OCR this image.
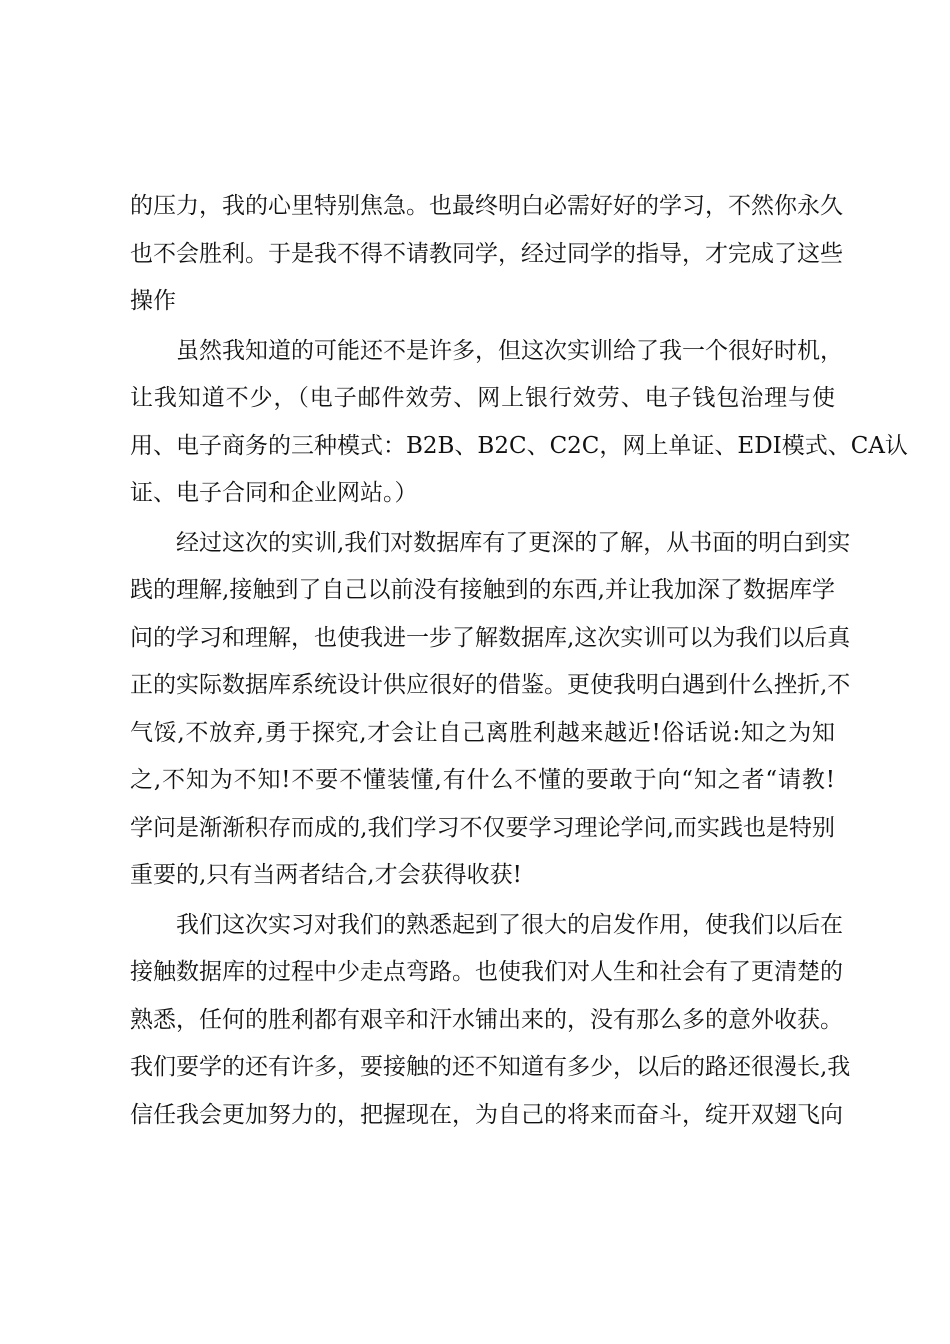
的压力，我的心里特别焦急。也最终明白必需好好的学习，不然你永久
也不会胜利。于是我不得不请教同学，经过同学的指导，才完成了这些
操作
虽然我知道的可能还不是许多，但这次实训给了我一个很好时机，
让我知道不少，（电子邮件效劳、网上银行效劳、电子钱包治理与使
用、电子商务的三种模式：B2B、B2C、C2C，网上单证、EDI模式、CA认
证、电子合同和企业网站。）
经过这次的实训,我们对数据库有了更深的了解，从书面的明白到实
践的理解,接触到了自己以前没有接触到的东西,并让我加深了数据库学
问的学习和理解，也使我进一步了解数据库,这次实训可以为我们以后真
正的实际数据库系统设计供应很好的借鉴。更使我明白遇到什么挫折,不
气馁,不放弃,勇于探究,才会让自己离胜利越来越近!俗话说:知之为知
之,不知为不知!不要不懂装懂,有什么不懂的要敢于向“知之者“请教!
学问是渐渐积存而成的,我们学习不仅要学习理论学问,而实践也是特别
重要的,只有当两者结合,才会获得收获!
我们这次实习对我们的熟悉起到了很大的启发作用，使我们以后在
接触数据库的过程中少走点弯路。也使我们对人生和社会有了更清楚的
熟悉，任何的胜利都有艰辛和汗水铺出来的，没有那么多的意外收获。
我们要学的还有许多，要接触的还不知道有多少，以后的路还很漫长,我
信任我会更加努力的，把握现在，为自己的将来而奋斗，绽开双翅飞向
